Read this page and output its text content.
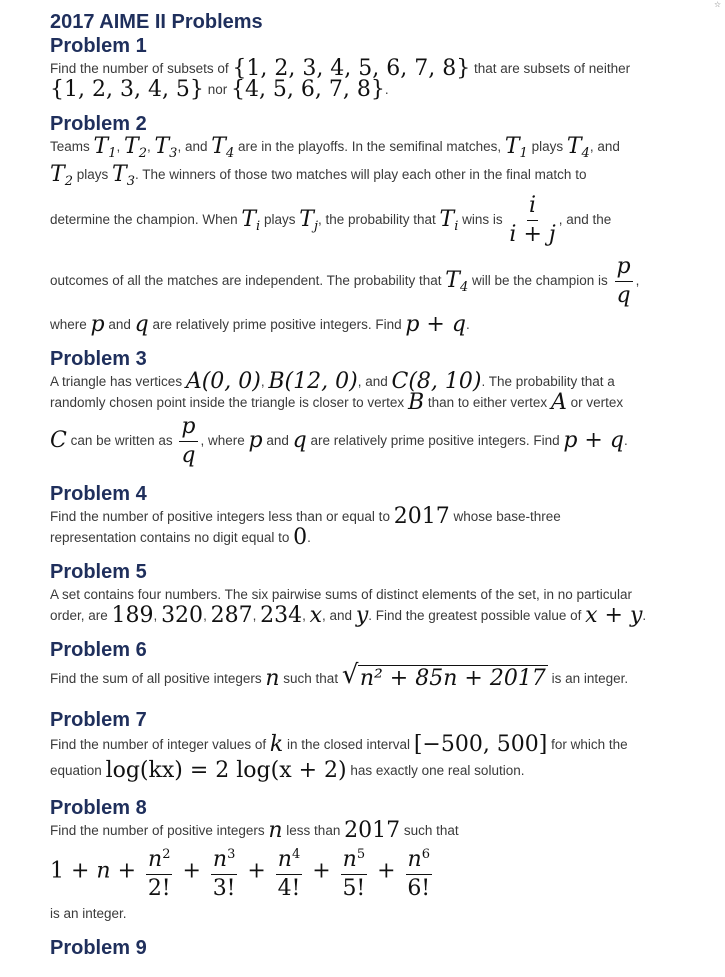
☆
2017 AIME II Problems
Problem 1

Find the number of subsets of {1, 2, 3, 4, 5, 6, 7, 8} that are subsets of neither
{1, 2, 3, 4, 5} nor {4, 5, 6, 7, 8}.

Problem 2

Teams $T_1$, $T_2$, $T_3$, and $T_4$ are in the playoffs. In the semifinal matches, $T_1$ plays $T_4$, and
$T_2$ plays $T_3$. The winners of those two matches will play each other in the final match to

determine the champion. When $T_i$ plays $T_j$, the probability that $T_i$ wins is $\frac{i}{i + j}$ , and the

outcomes of all the matches are independent. The probability that $T_4$ will be the champion is $\frac{p}{q}$ ,

where p and q are relatively prime positive integers. Find p + q.

Problem 3

A triangle has vertices A(0, 0), B(12, 0), and C(8, 10). The probability that a
randomly chosen point inside the triangle is closer to vertex B than to either vertex A or vertex

C can be written as $\frac{p}{q}$ , where p and q are relatively prime positive integers. Find p + q.

Problem 4

Find the number of positive integers less than or equal to 2017 whose base-three
representation contains no digit equal to 0.

Problem 5

A set contains four numbers. The six pairwise sums of distinct elements of the set, in no particular
order, are 189, 320, 287, 234, x, and y. Find the greatest possible value of x + y.

Problem 6

Find the sum of all positive integers n such that √ n² + 85n + 2017 is an integer.

Problem 7

Find the number of integer values of k in the closed interval [−500, 500] for which the
equation log(kx) = 2 log(x + 2) has exactly one real solution.

Problem 8

Find the number of positive integers n less than 2017 such that

$1 + n + \frac{n^2}{2!} + \frac{n^3}{3!} + \frac{n^4}{4!} + \frac{n^5}{5!} + \frac{n^6}{6!}$

is an integer.

Problem 9
